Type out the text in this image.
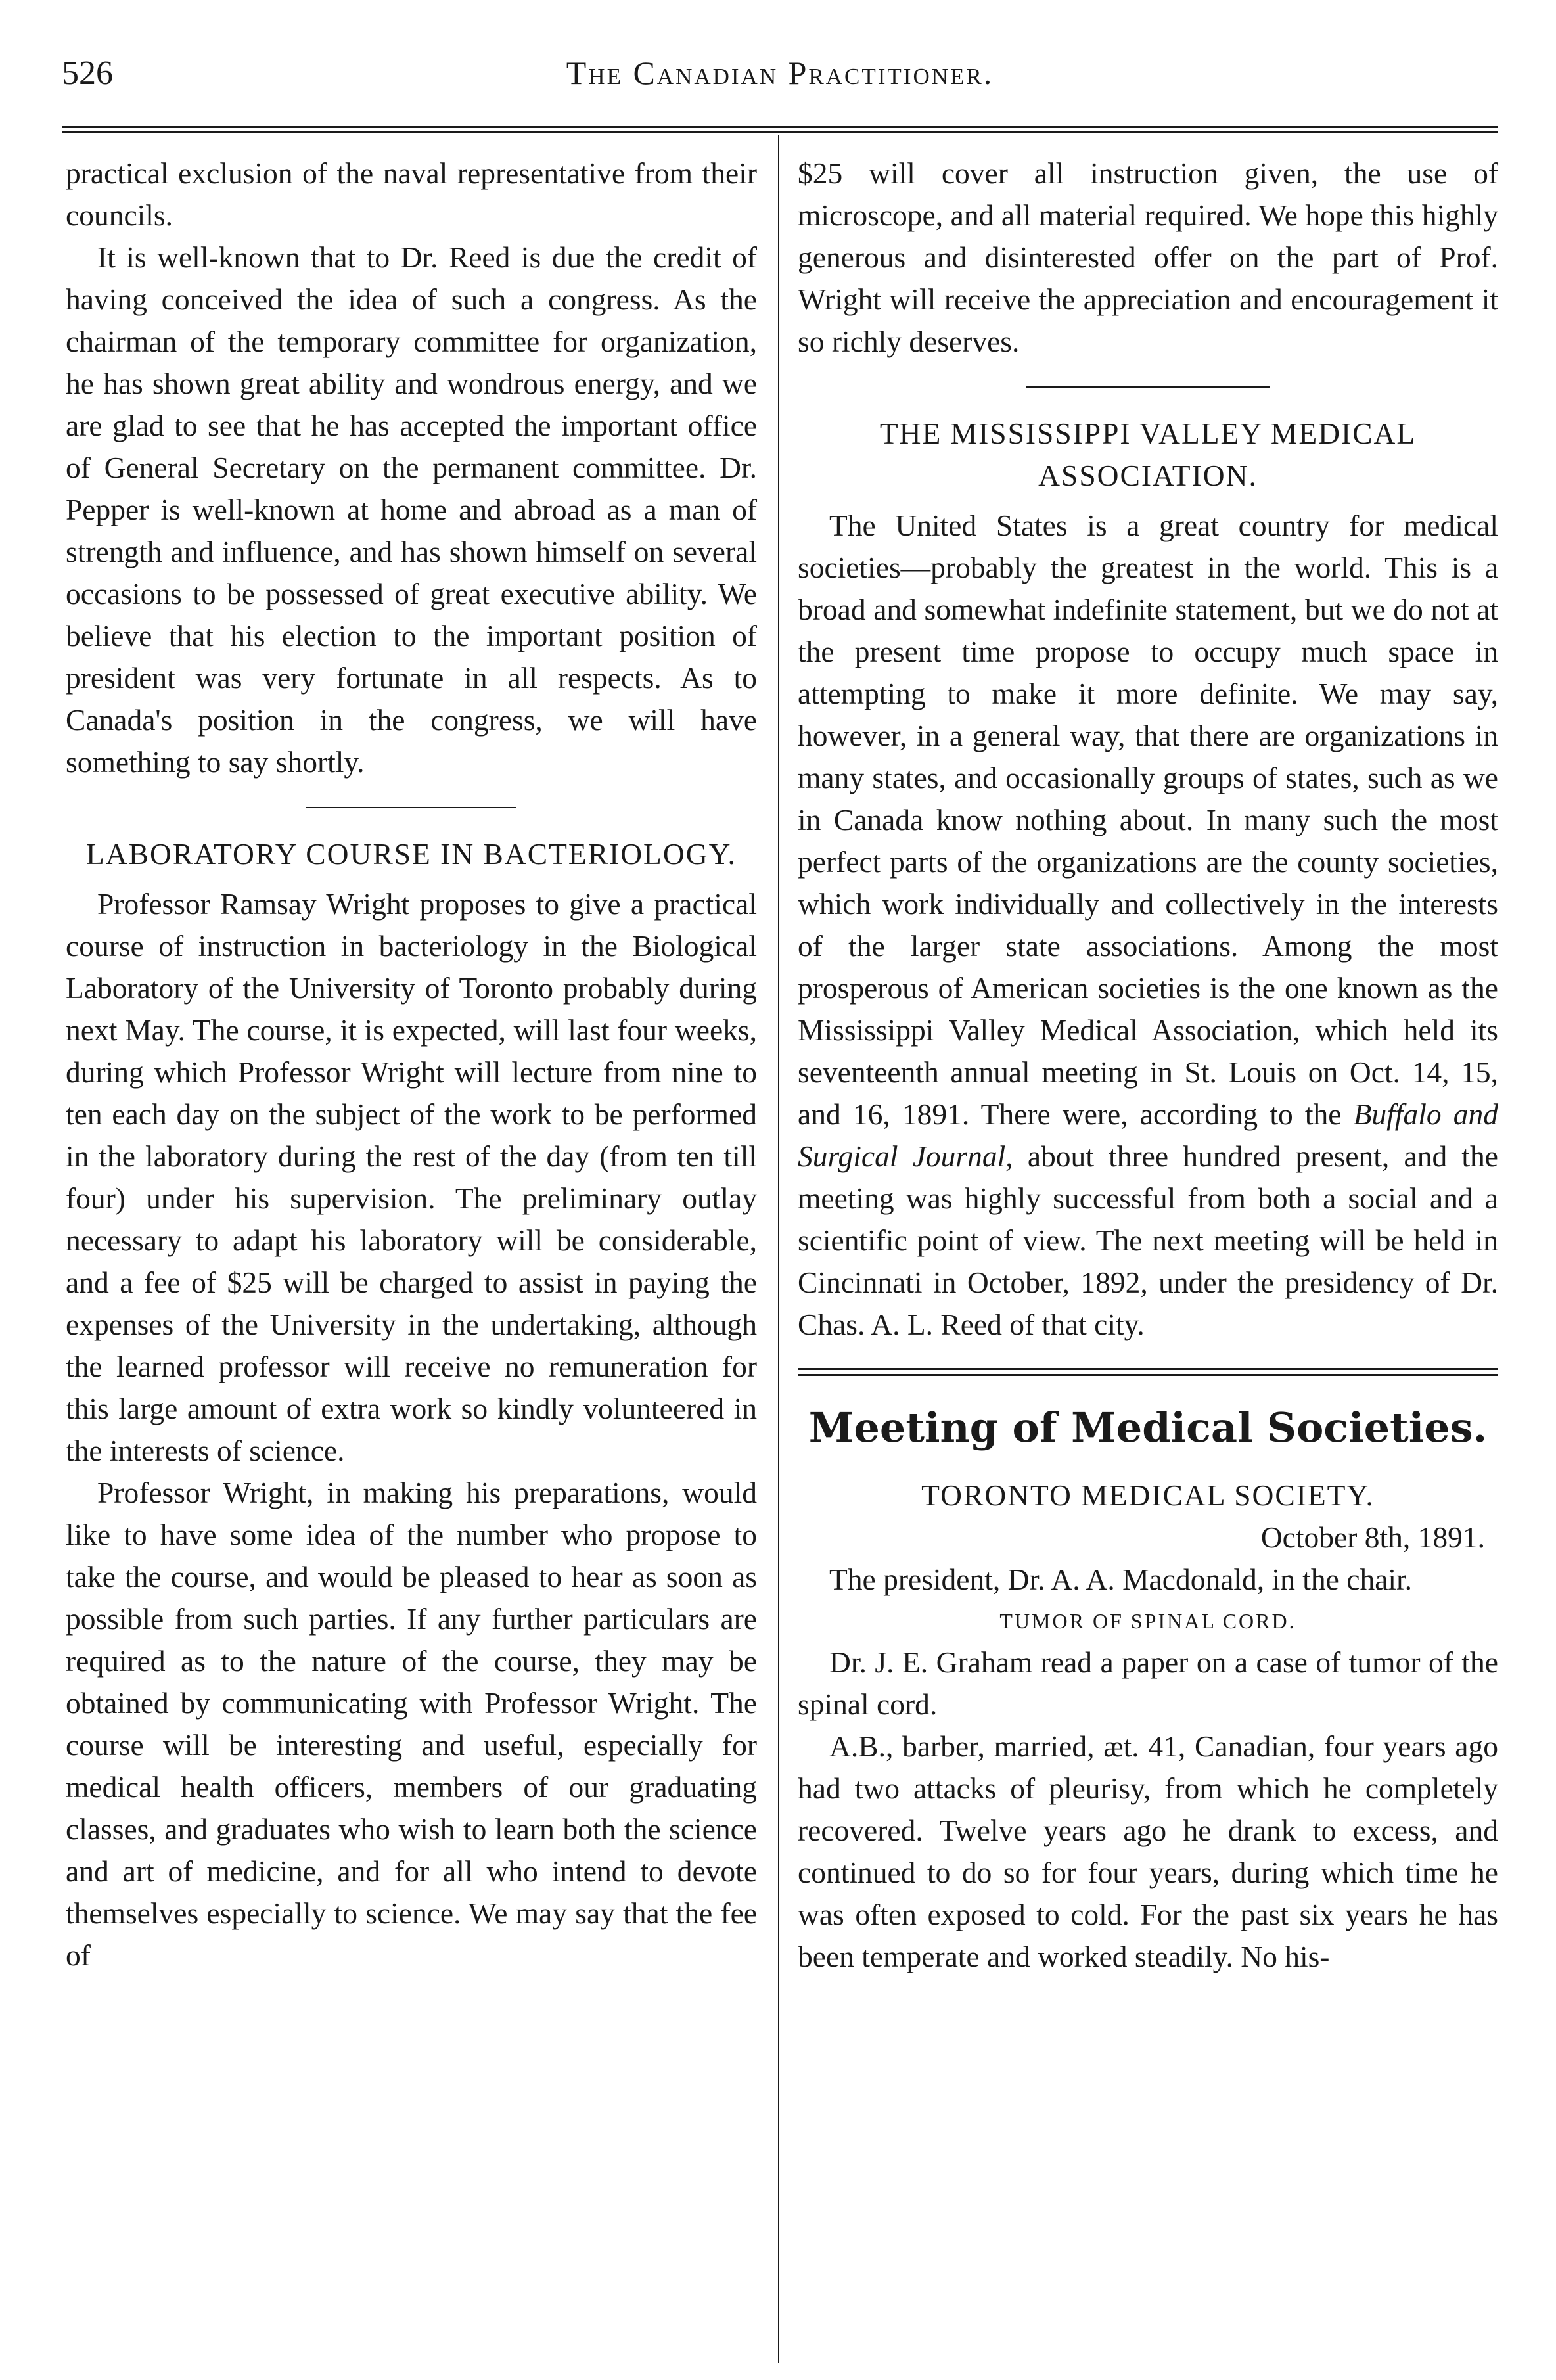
526	The Canadian Practitioner.

practical exclusion of the naval representative from their councils.

It is well-known that to Dr. Reed is due the credit of having conceived the idea of such a congress. As the chairman of the temporary committee for organization, he has shown great ability and wondrous energy, and we are glad to see that he has accepted the important office of General Secretary on the permanent committee. Dr. Pepper is well-known at home and abroad as a man of strength and influence, and has shown himself on several occasions to be possessed of great executive ability. We believe that his election to the important position of president was very fortunate in all respects. As to Canada's position in the congress, we will have something to say shortly.

LABORATORY COURSE IN BACTERIOLOGY.

Professor Ramsay Wright proposes to give a practical course of instruction in bacteriology in the Biological Laboratory of the University of Toronto probably during next May. The course, it is expected, will last four weeks, during which Professor Wright will lecture from nine to ten each day on the subject of the work to be performed in the laboratory during the rest of the day (from ten till four) under his supervision. The preliminary outlay necessary to adapt his laboratory will be considerable, and a fee of $25 will be charged to assist in paying the expenses of the University in the undertaking, although the learned professor will receive no remuneration for this large amount of extra work so kindly volunteered in the interests of science.

Professor Wright, in making his preparations, would like to have some idea of the number who propose to take the course, and would be pleased to hear as soon as possible from such parties. If any further particulars are required as to the nature of the course, they may be obtained by communicating with Professor Wright. The course will be interesting and useful, especially for medical health officers, members of our graduating classes, and graduates who wish to learn both the science and art of medicine, and for all who intend to devote themselves especially to science. We may say that the fee of

$25 will cover all instruction given, the use of microscope, and all material required. We hope this highly generous and disinterested offer on the part of Prof. Wright will receive the appreciation and encouragement it so richly deserves.

THE MISSISSIPPI VALLEY MEDICAL ASSOCIATION.

The United States is a great country for medical societies—probably the greatest in the world. This is a broad and somewhat indefinite statement, but we do not at the present time propose to occupy much space in attempting to make it more definite. We may say, however, in a general way, that there are organizations in many states, and occasionally groups of states, such as we in Canada know nothing about. In many such the most perfect parts of the organizations are the county societies, which work individually and collectively in the interests of the larger state associations. Among the most prosperous of American societies is the one known as the Mississippi Valley Medical Association, which held its seventeenth annual meeting in St. Louis on Oct. 14, 15, and 16, 1891. There were, according to the Buffalo and Surgical Journal, about three hundred present, and the meeting was highly successful from both a social and a scientific point of view. The next meeting will be held in Cincinnati in October, 1892, under the presidency of Dr. Chas. A. L. Reed of that city.

Meeting of Medical Societies.
TORONTO MEDICAL SOCIETY.
October 8th, 1891.

The president, Dr. A. A. Macdonald, in the chair.

TUMOR OF SPINAL CORD.

Dr. J. E. Graham read a paper on a case of tumor of the spinal cord.

A.B., barber, married, æt. 41, Canadian, four years ago had two attacks of pleurisy, from which he completely recovered. Twelve years ago he drank to excess, and continued to do so for four years, during which time he was often exposed to cold. For the past six years he has been temperate and worked steadily. No his-
